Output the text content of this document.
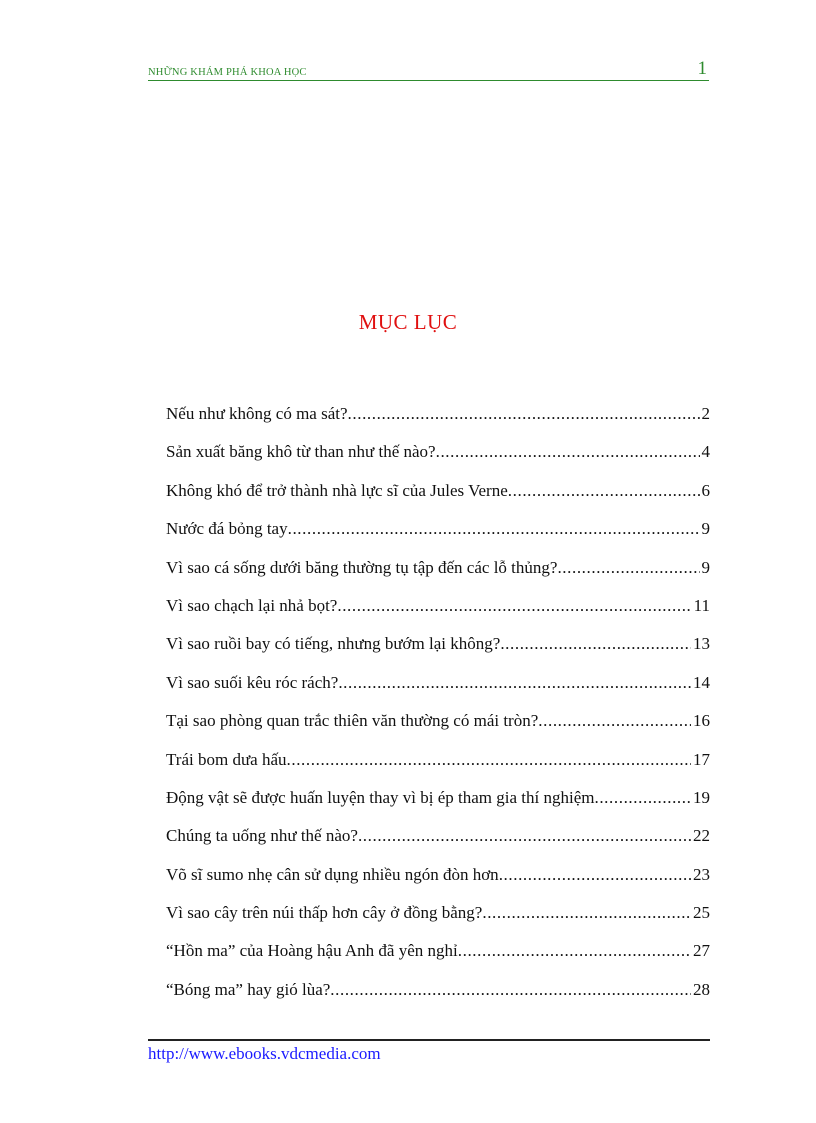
NHỮNG KHÁM PHÁ KHOA HỌC	1
MỤC LỤC
Nếu như không có ma sát? .....	2
Sản xuất băng khô từ than như thế nào? .....	4
Không khó để trở thành nhà lực sĩ của Jules Verne .....	6
Nước đá bỏng tay .....	9
Vì sao cá sống dưới băng thường tụ tập đến các lỗ thủng? .....	9
Vì sao chạch lại nhả bọt? .....	11
Vì sao ruồi bay có tiếng, nhưng bướm lại không? .....	13
Vì sao suối kêu róc rách? .....	14
Tại sao phòng quan trắc thiên văn thường có mái tròn? .....	16
Trái bom dưa hấu .....	17
Động vật sẽ được huấn luyện thay vì bị ép tham gia thí nghiệm .....	19
Chúng ta uống như thế nào? .....	22
Võ sĩ sumo nhẹ cân sử dụng nhiều ngón đòn hơn .....	23
Vì sao cây trên núi thấp hơn cây ở đồng bằng? .....	25
“Hồn ma” của Hoàng hậu Anh đã yên nghỉ .....	27
“Bóng ma” hay gió lùa? .....	28
http://www.ebooks.vdcmedia.com
